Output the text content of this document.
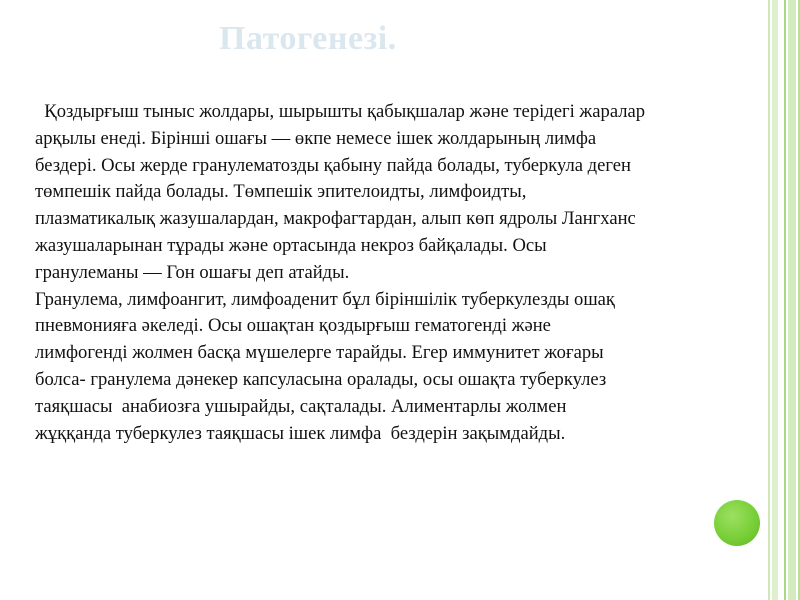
Патогенезі.

Қоздырғыш тыныс жолдары, шырышты қабықшалар және терідегі жаралар

арқылы енеді. Бірінші ошағы — өкпе немесе ішек жолдарының лимфа

бездері. Осы жерде гранулематозды қабыну пайда болады, туберкула деген

төмпешік пайда болады. Төмпешік эпителоидты, лимфоидты,

плазматикалық жазушалардан, макрофагтардан, алып көп ядролы Лангханс

жазушаларынан тұрады және ортасында некроз байқалады. Осы

гранулеманы — Гон ошағы деп атайды.

Гранулема, лимфоангит, лимфоаденит бұл біріншілік туберкулезды ошақ

пневмонияға әкеледі. Осы ошақтан қоздырғыш гематогенді және

лимфогенді жолмен басқа мүшелерге тарайды. Егер иммунитет жоғары

болса- гранулема дәнекер капсуласына оралады, осы ошақта туберкулез

таяқшасы  анабиозға ушырайды, сақталады. Алиментарлы жолмен

жұққанда туберкулез таяқшасы ішек лимфа  бездерін зақымдайды.
